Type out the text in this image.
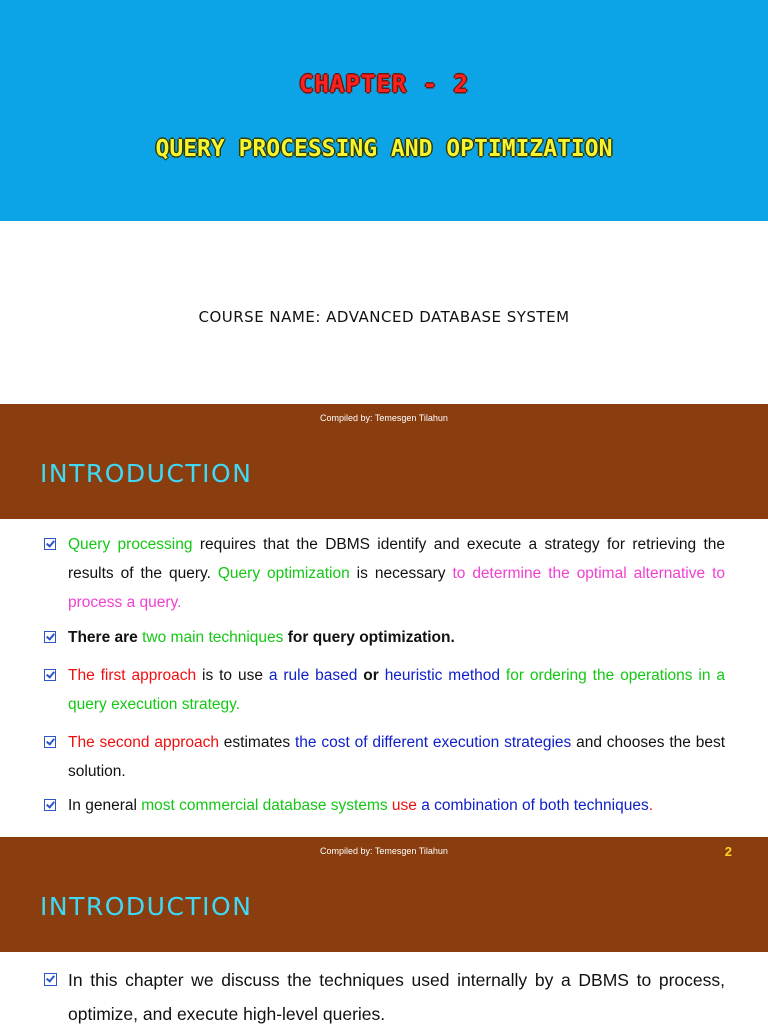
CHAPTER - 2
QUERY PROCESSING AND OPTIMIZATION
COURSE NAME: ADVANCED DATABASE SYSTEM
Compiled by: Temesgen Tilahun
INTRODUCTION
Query processing requires that the DBMS identify and execute a strategy for retrieving the results of the query. Query optimization is necessary to determine the optimal alternative to process a query.
There are two main techniques for query optimization.
The first approach is to use a rule based or heuristic method for ordering the operations in a query execution strategy.
The second approach estimates the cost of different execution strategies and chooses the best solution.
In general most commercial database systems use a combination of both techniques.
Compiled by: Temesgen Tilahun	2
INTRODUCTION
In this chapter we discuss the techniques used internally by a DBMS to process, optimize, and execute high-level queries.
